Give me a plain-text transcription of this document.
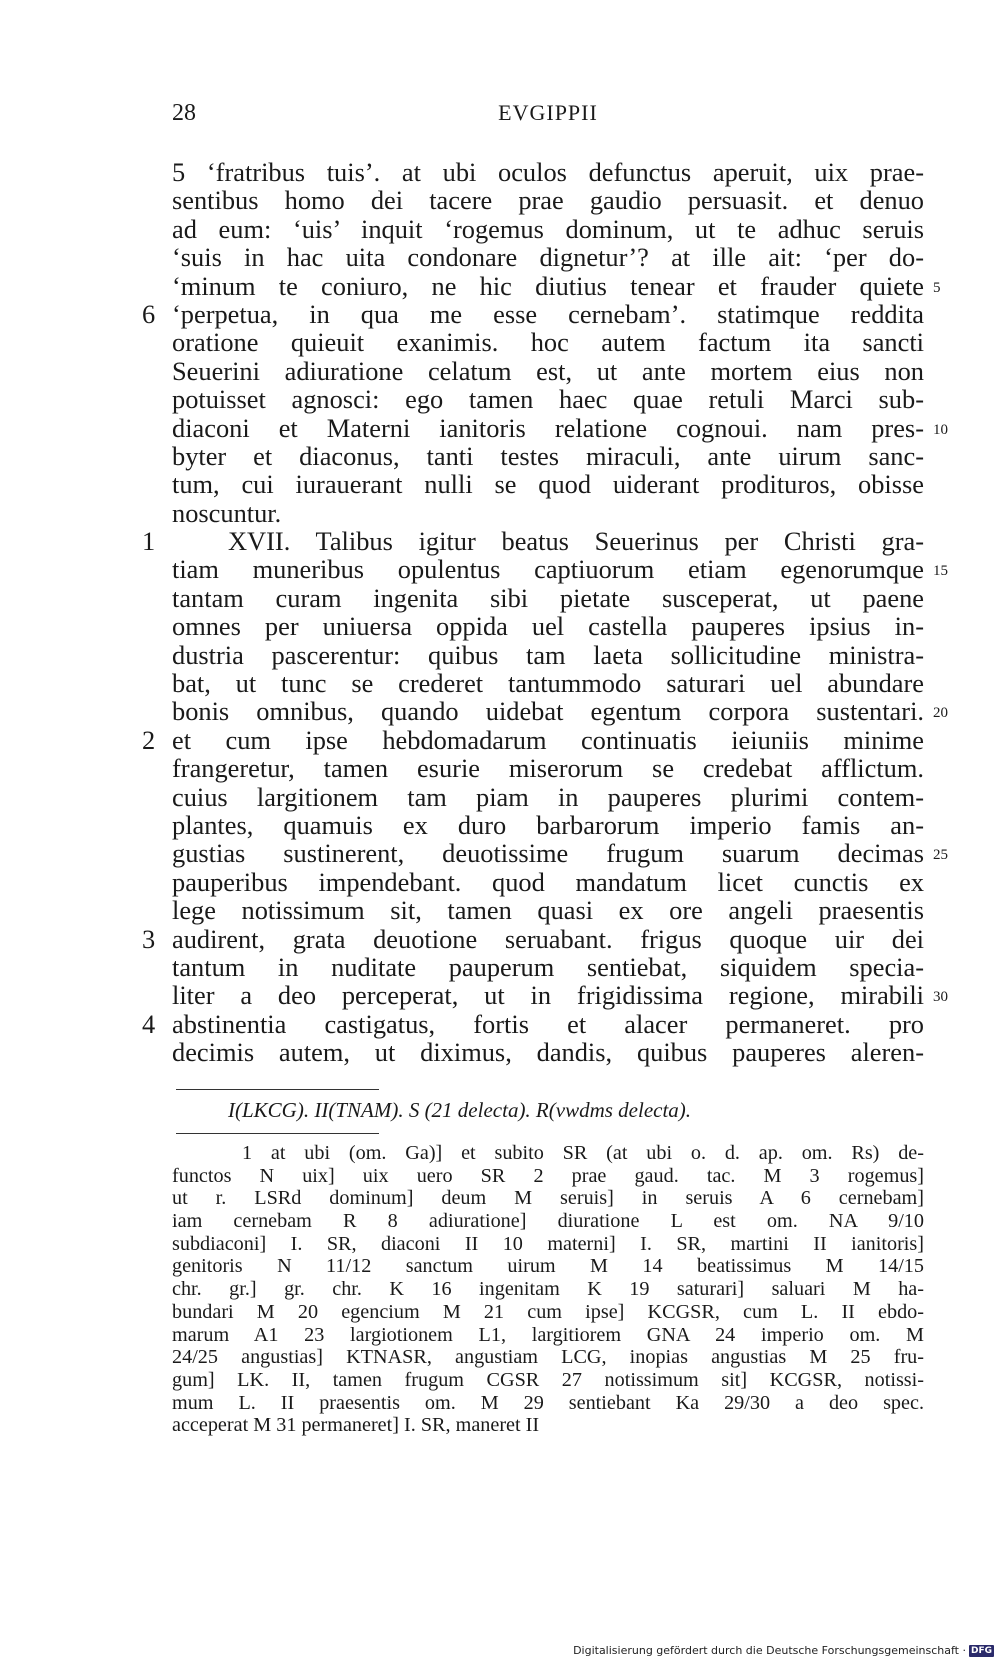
28	EVGIPPII
5 ‘fratribus tuis’. at ubi oculos defunctus aperuit, uix prae-
sentibus homo dei tacere prae gaudio persuasit. et denuo
ad eum: ‘uis’ inquit ‘rogemus dominum, ut te adhuc seruis
‘suis in hac uita condonare dignetur’? at ille ait: ‘per do-
‘minum te coniuro, ne hic diutius tenear et frauder quiete 5
6 ‘perpetua, in qua me esse cernebam’. statimque reddita
oratione quieuit exanimis. hoc autem factum ita sancti
Seuerini adiuratione celatum est, ut ante mortem eius non
potuisset agnosci: ego tamen haec quae retuli Marci sub-
diaconi et Materni ianitoris relatione cognoui. nam pres- 10
byter et diaconus, tanti testes miraculi, ante uirum sanc-
tum, cui iurauerant nulli se quod uiderant prodituros, obisse
noscuntur.
1	XVII. Talibus igitur beatus Seuerinus per Christi gra-
tiam muneribus opulentus captiuorum etiam egenorumque 15
tantam curam ingenita sibi pietate susceperat, ut paene
omnes per uniuersa oppida uel castella pauperes ipsius in-
dustria pascerentur: quibus tam laeta sollicitudine ministra-
bat, ut tunc se crederet tantummodo saturari uel abundare
bonis omnibus, quando uidebat egentum corpora sustentari. 20
2 et cum ipse hebdomadarum continuatis ieiuniis minime
frangeretur, tamen esurie miserorum se credebat afflictum.
cuius largitionem tam piam in pauperes plurimi contem-
plantes, quamuis ex duro barbarorum imperio famis an-
gustias sustinerent, deuotissime frugum suarum decimas 25
pauperibus impendebant. quod mandatum licet cunctis ex
lege notissimum sit, tamen quasi ex ore angeli praesentis
3 audirent, grata deuotione seruabant. frigus quoque uir dei
tantum in nuditate pauperum sentiebat, siquidem specia-
liter a deo perceperat, ut in frigidissima regione, mirabili 30
4 abstinentia castigatus, fortis et alacer permaneret. pro
decimis autem, ut diximus, dandis, quibus pauperes aleren-
I(LKCG). II(TNAM). S (21 delecta). R(vwdms delecta).
1 at ubi (om. Ga)] et subito SR (at ubi o. d. ap. om. Rs) de-
functos N uix] uix uero SR 2 prae gaud. tac. M 3 rogemus]
ut r. LSRd dominum] deum M seruis] in seruis A 6 cernebam]
iam cernebam R 8 adiuratione] diuratione L est om. NA 9/10
subdiaconi] I. SR, diaconi II 10 materni] I. SR, martini II ianitoris]
genitoris N 11/12 sanctum uirum M 14 beatissimus M 14/15
chr. gr.] gr. chr. K 16 ingenitam K 19 saturari] saluari M ha-
bundari M 20 egencium M 21 cum ipse] KCGSR, cum L. II ebdo-
marum A1 23 largiotionem L1, largitiorem GNA 24 imperio om. M
24/25 angustias] KTNASR, angustiam LCG, inopias angustias M 25 fru-
gum] LK. II, tamen frugum CGSR 27 notissimum sit] KCGSR, notissi-
mum L. II praesentis om. M 29 sentiebant Ka 29/30 a deo spec.
acceperat M 31 permaneret] I. SR, maneret II
Digitalisierung gefördert durch die Deutsche Forschungsgemeinschaft · DFG
